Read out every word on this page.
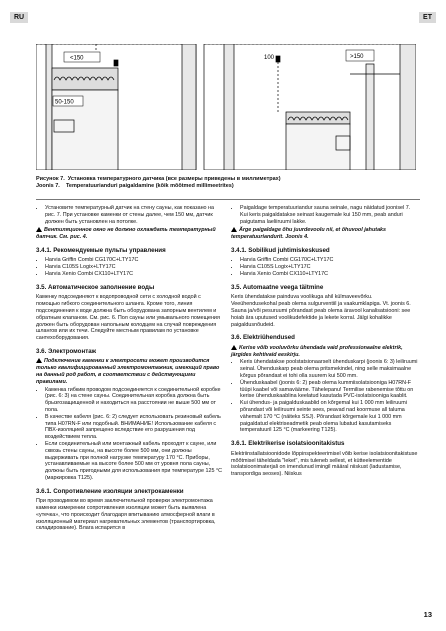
RU	ET
<150
50-150
100	>150
Рисунок 7. Установка температурного датчика (все размеры приведены в миллиметрах)
Joonis 7. Temperatuurianduri paigaldamine (kõik mõõtmed millimeetrites)
• Установите температурный датчик на стену сауны, как показано на рис. 7. При установке каменки от стены далее, чем 150 мм, датчик должен быть установлен на потолке.

Вентиляционное окно не должно охлаждать температурный датчик. См. рис. 4.

3.4.1. Рекомендуемые пульты управления
• Harvia Griffin Combi CG170C+LTY17C
• Harvia C105S Logix+LTY17C
• Harvia Xenio Combi CX110+LTY17C
3.5. Автоматическое заполнение воды

Каменку подсоединяют к водопроводной сети с холодной водой с помощью гибкого соединительного шланга. Кроме того, линия подсоединения к воде должна быть оборудована запорным вентилем и обратным клапаном. См. рис. 6. Пол сауны или умывального помещения должен быть оборудован напольным колодцем на случай повреждения шлангов или их течи. Следуйте местным правилам по установке сантехоборудования.

3.6. Электромонтаж

Подключение каменки к электросети может производится только квалифицированный электромонтажник, имеющий право на данный род работ, в соответствии с действующими правилами.

• Каменка гибким проводом подсоединяется к соединительной коробке (рис. 6: 3) на стене сауны. Соединительная коробка должна быть брызгозащищенной и находиться на расстоянии не выше 500 мм от пола.
• В качестве кабеля (рис. 6: 2) следует использовать резиновый кабель типа H07RN-F или подобный. ВНИМАНИЕ! Использование кабеля с ПВХ-изоляцией запрещено вследствие его разрушения под воздействием тепла.
• Если соединительный или монтажный кабель проходят к сауне, или сквозь стены сауны, на высоте более 500 мм, они должны выдерживать при полной нагрузке температуру 170 °С. Приборы, устанавливаемые на высоте более 500 мм от уровня пола сауны, должны быть пригодными для использования при температуре 125 °С (маркировка T125).
3.6.1. Сопротивление изоляции электрокаменки

При проводимом во время заключительной проверки электромонтажа каменки измерении сопротивления изоляции может быть выявлена «утечка», что происходит благодаря впитыванию атмосферной влаги в изоляционный материал нагревательных элементов (транспортировка, складирование). Влага испарится в

• Paigaldage temperatuuriandur sauna seinale, nagu näidatud joonisel 7. Kui keris paigaldatakse seinast kaugemale kui 150 mm, peab anduri paigutama laeliiruumi lakke.

Ärge paigaldage õhu juurdevoolu nii, et õhuvool jahutaks temperatuuriandurit. Joonis 4.

3.4.1. Sobilikud juhtimiskeskused
• Harvia Griffin Combi CG170C+LTY17C
• Harvia C105S Logix+LTY17C
• Harvia Xenio Combi CX110+LTY17C
3.5. Automaatne veega täitmine

Keris ühendatakse painduva voolikuga ahil külmaveevõrku. Veeühendusekohal peab olema sulgurventiil ja vaakumklapiga. Vt. joonis 6. Sauna ja/või pesuruumi põrandast peab olema äravool kanalisatsiooni: see hoiab ära uputused voolikudefektide ja lekete korral. Jälgi kohalikke paigaldusnõudeid.

3.6. Elektriühendused

Kerise võib vooluvõrku ühendada vaid professionaalne elektrik, järgides kehtivaid eeskirju.

• Keris ühendatakse poolstatsionaarselt ühenduskarpi (joonis 6: 3) leiliruumi seinal. Ühenduskarp peab olema pritsmekindel, ning selle maksimaalne kõrgus põrandast ei tohi olla suurem kui 500 mm.
• Ühenduskaabel (joonis 6: 2) peab olema kummiisolatsiooniga H07RN-F tüüpi kaabel või samaväärne. Tähelepanu! Termilise rabenemise tõttu on kerise ühenduskaablina keelatud kasutada PVC-isolatsiooniga kaablit.
• Kui ühendus- ja paigalduskaablid on kõrgemal kui 1 000 mm leiliruumi põrandast või leiliruumi seinte sees, peavad nad koormuse all taluma vähemalt 170 °C (näiteks SSJ). Põrandast kõrgemale kui 1 000 mm paigaldatud elektriseadmetik peab olema lubatud kasutamiseks temperatuuril 125 °C (markeering T125).
3.6.1. Elektrikerise isolatsioonitakistus

Elektriinstallatsioonidode lõppinspekteerimisel võib kerise isolatsioonitakistuse mõõtmisel täheldada "leket", mis tuleneb sellest, et kütteelementide isolatsioonimaterjali on imendunud imingil määral niiskust (ladustamise, transpordiga seoses). Niiskus

13
